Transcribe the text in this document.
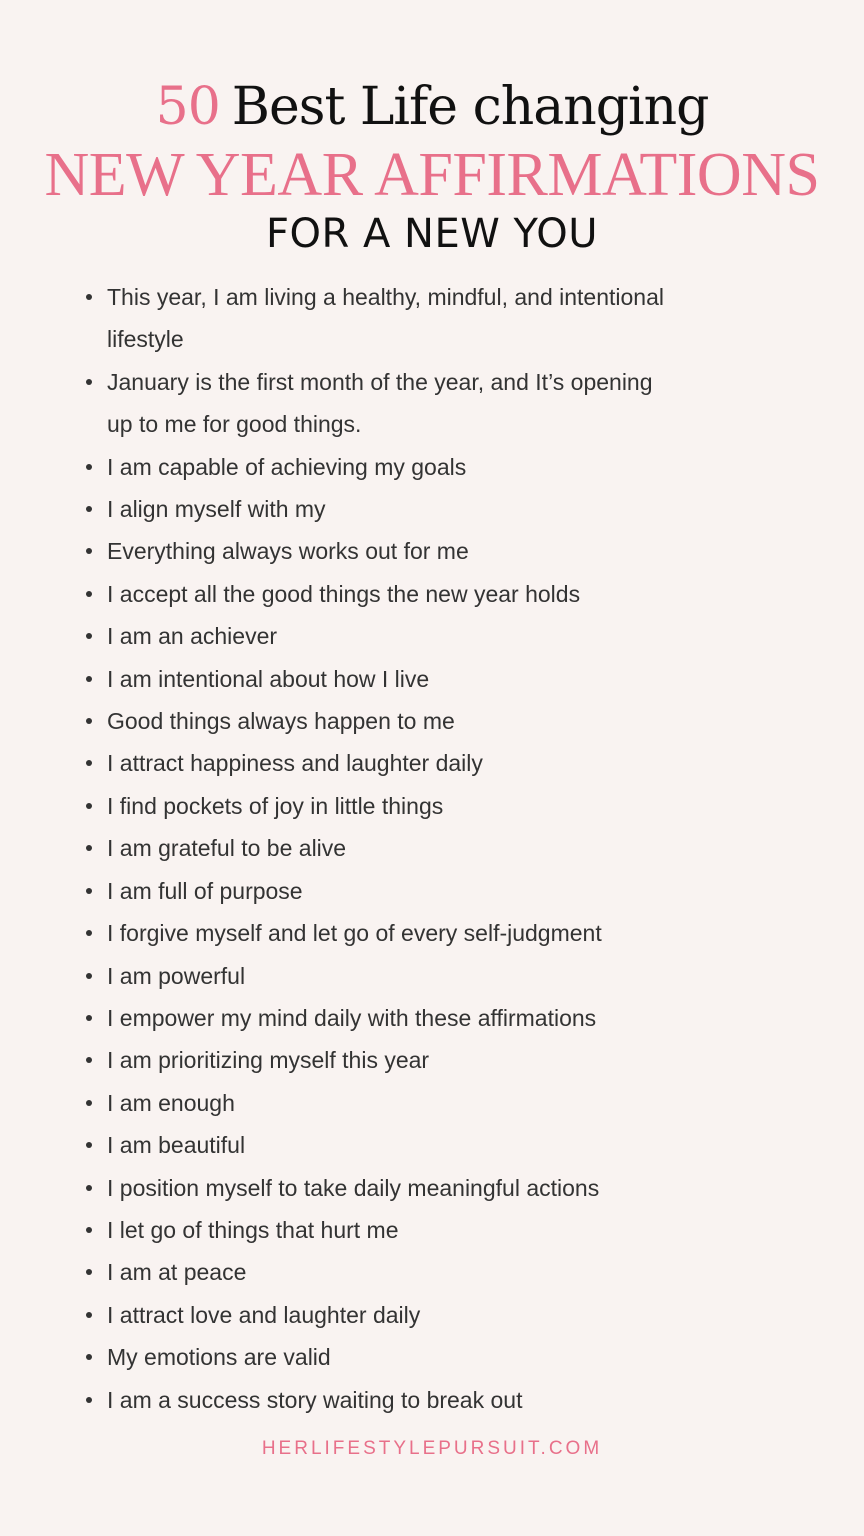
50 Best Life changing
NEW YEAR AFFIRMATIONS
FOR A NEW YOU
This year, I am living a healthy, mindful, and intentional
lifestyle
January is the first month of the year, and It’s opening
up to me for good things.
I am capable of achieving my goals
I align myself with my
Everything always works out for me
I accept all the good things the new year holds
I am an achiever
I am intentional about how I live
Good things always happen to me
I attract happiness and laughter daily
I find pockets of joy in little things
I am grateful to be alive
I am full of purpose
I forgive myself and let go of every self-judgment
I am powerful
I empower my mind daily with these affirmations
I am prioritizing myself this year
I am enough
I am beautiful
I position myself to take daily meaningful actions
I let go of things that hurt me
I am at peace
I attract love and laughter daily
My emotions are valid
I am a success story waiting to break out
HERLIFESTYLEPURSUIT.COM
